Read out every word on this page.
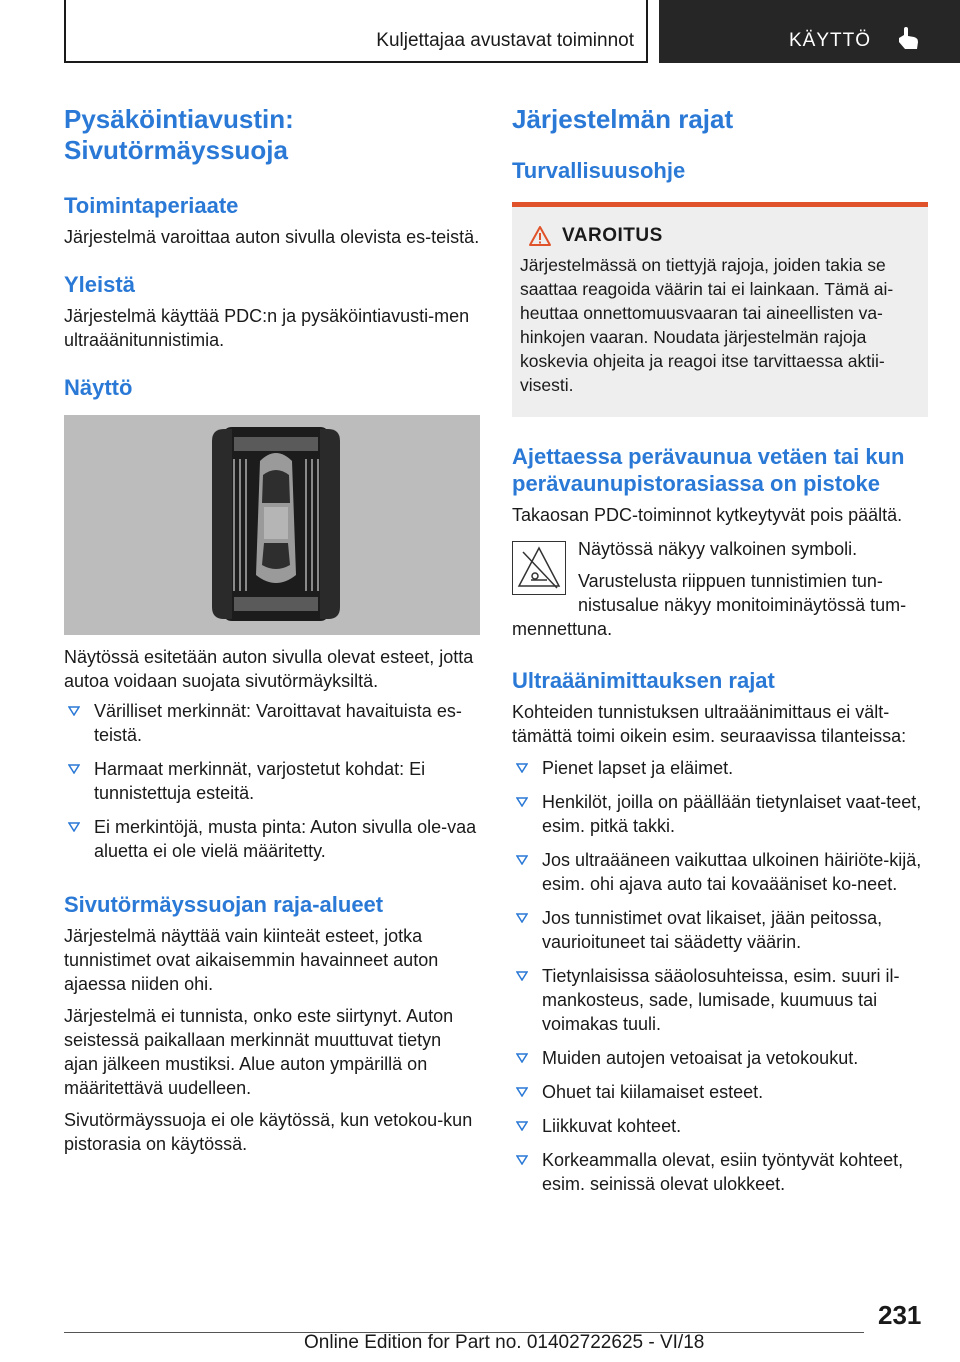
Kuljettajaa avustavat toiminnot	KÄYTTÖ
Pysäköintiavustin:
Sivutörmäyssuoja
Toimintaperiaate

Järjestelmä varoittaa auton sivulla olevista es-teistä.

Yleistä

Järjestelmä käyttää PDC:n ja pysäköintiavusti-men ultraäänitunnistimia.

Näyttö

Näytössä esitetään auton sivulla olevat esteet, jotta autoa voidaan suojata sivutörmäyksiltä.

Värilliset merkinnät: Varoittavat havaituista es-teistä.
Harmaat merkinnät, varjostetut kohdat: Ei tunnistettuja esteitä.
Ei merkintöjä, musta pinta: Auton sivulla ole-vaa aluetta ei ole vielä määritetty.
Sivutörmäyssuojan raja-alueet

Järjestelmä näyttää vain kiinteät esteet, jotka tunnistimet ovat aikaisemmin havainneet auton ajaessa niiden ohi.

Järjestelmä ei tunnista, onko este siirtynyt. Auton seistessä paikallaan merkinnät muuttuvat tietyn ajan jälkeen mustiksi. Alue auton ympärillä on määritettävä uudelleen.

Sivutörmäyssuoja ei ole käytössä, kun vetokou-kun pistorasia on käytössä.

Järjestelmän rajat
Turvallisuusohje
VAROITUS

Järjestelmässä on tiettyjä rajoja, joiden takia se saattaa reagoida väärin tai ei lainkaan. Tämä ai-heuttaa onnettomuusvaaran tai aineellisten va-hinkojen vaaran. Noudata järjestelmän rajoja koskevia ohjeita ja reagoi itse tarvittaessa aktii-visesti.

Ajettaessa perävaunua vetäen tai kun perävaunupistorasiassa on pistoke

Takaosan PDC-toiminnot kytkeytyvät pois päältä.

Näytössä näkyy valkoinen symboli.

Varustelusta riippuen tunnistimien tun-nistusalue näkyy monitoiminäytössä tum-

mennettuna.

Ultraäänimittauksen rajat

Kohteiden tunnistuksen ultraäänimittaus ei vält-tämättä toimi oikein esim. seuraavissa tilanteissa:

Pienet lapset ja eläimet.
Henkilöt, joilla on päällään tietynlaiset vaat-teet, esim. pitkä takki.
Jos ultraääneen vaikuttaa ulkoinen häiriöte-kijä, esim. ohi ajava auto tai kovaääniset ko-neet.
Jos tunnistimet ovat likaiset, jään peitossa, vaurioituneet tai säädetty väärin.
Tietynlaisissa sääolosuhteissa, esim. suuri il-mankosteus, sade, lumisade, kuumuus tai voimakas tuuli.
Muiden autojen vetoaisat ja vetokoukut.
Ohuet tai kiilamaiset esteet.
Liikkuvat kohteet.
Korkeammalla olevat, esiin työntyvät kohteet, esim. seinissä olevat ulokkeet.
231
Online Edition for Part no. 01402722625 - VI/18
